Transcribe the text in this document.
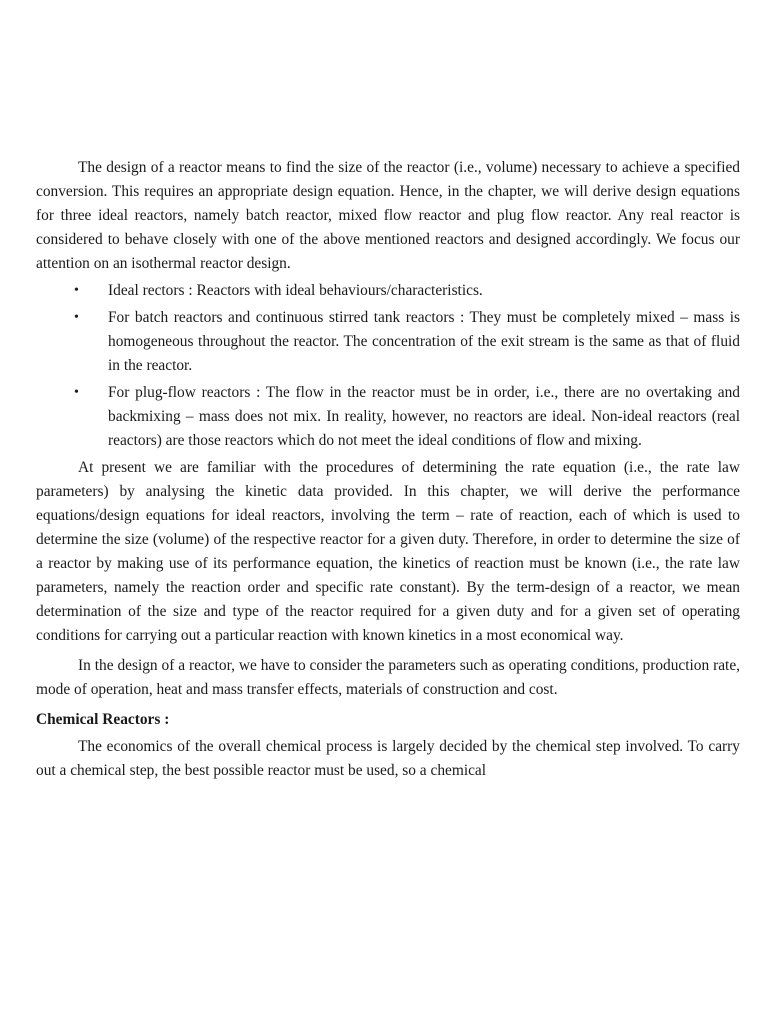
The design of a reactor means to find the size of the reactor (i.e., volume) necessary to achieve a specified conversion. This requires an appropriate design equation. Hence, in the chapter, we will derive design equations for three ideal reactors, namely batch reactor, mixed flow reactor and plug flow reactor. Any real reactor is considered to behave closely with one of the above mentioned reactors and designed accordingly. We focus our attention on an isothermal reactor design.

• Ideal rectors : Reactors with ideal behaviours/characteristics.
• For batch reactors and continuous stirred tank reactors : They must be completely mixed – mass is homogeneous throughout the reactor. The concentration of the exit stream is the same as that of fluid in the reactor.
• For plug-flow reactors : The flow in the reactor must be in order, i.e., there are no overtaking and backmixing – mass does not mix. In reality, however, no reactors are ideal. Non-ideal reactors (real reactors) are those reactors which do not meet the ideal conditions of flow and mixing.

At present we are familiar with the procedures of determining the rate equation (i.e., the rate law parameters) by analysing the kinetic data provided. In this chapter, we will derive the performance equations/design equations for ideal reactors, involving the term – rate of reaction, each of which is used to determine the size (volume) of the respective reactor for a given duty. Therefore, in order to determine the size of a reactor by making use of its performance equation, the kinetics of reaction must be known (i.e., the rate law parameters, namely the reaction order and specific rate constant). By the term-design of a reactor, we mean determination of the size and type of the reactor required for a given duty and for a given set of operating conditions for carrying out a particular reaction with known kinetics in a most economical way.

In the design of a reactor, we have to consider the parameters such as operating conditions, production rate, mode of operation, heat and mass transfer effects, materials of construction and cost.

Chemical Reactors :

The economics of the overall chemical process is largely decided by the chemical step involved. To carry out a chemical step, the best possible reactor must be used, so a chemical
